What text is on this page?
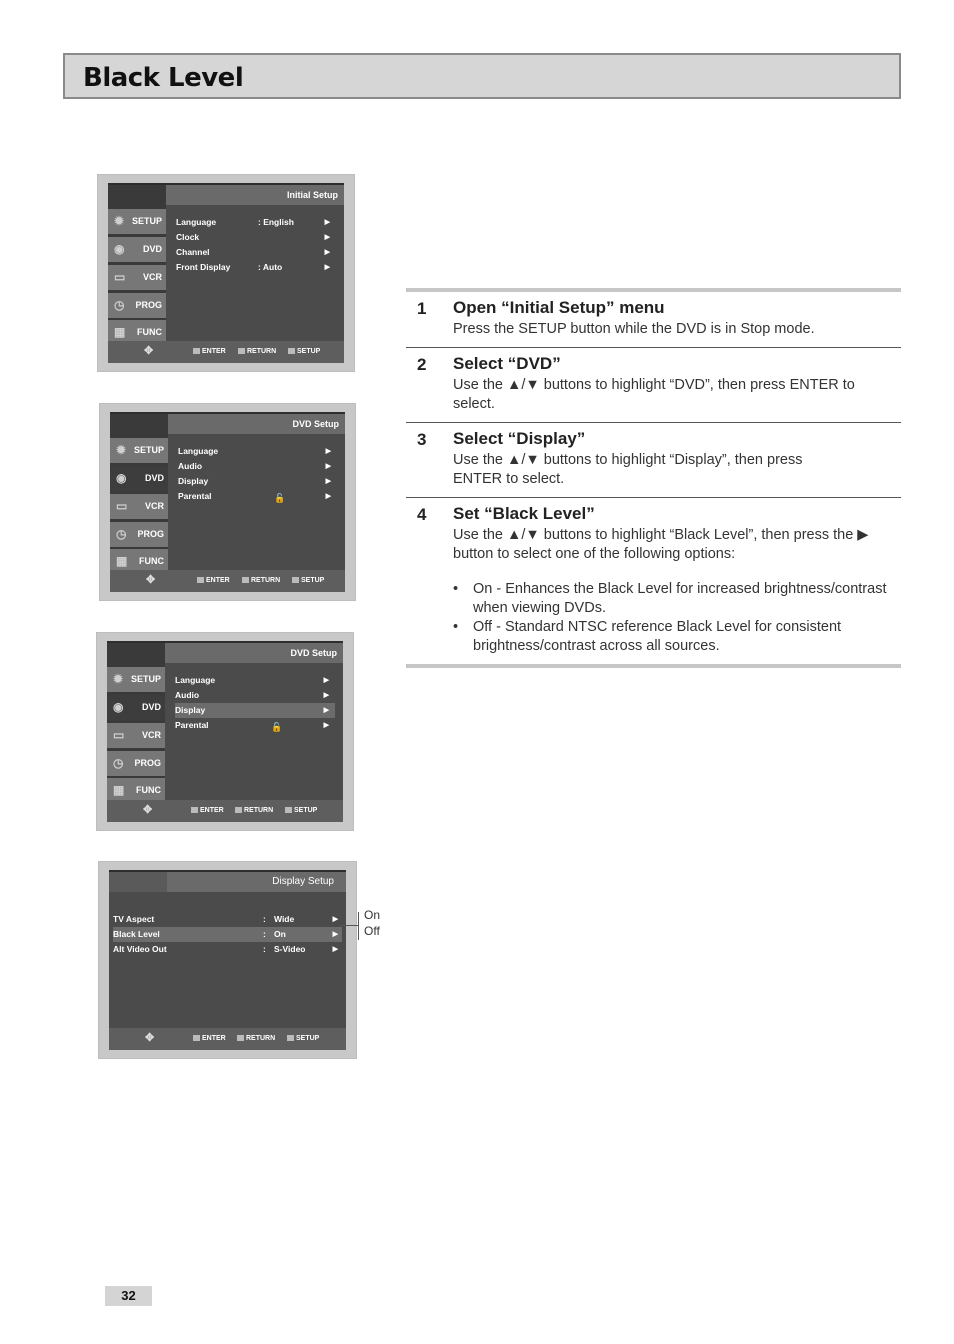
Black Level
Initial Setup
✹ SETUP
◉	DVD
▭	VCR
◷	PROG
▦	FUNC
Language	: English	▶
Clock	▶
Channel	▶
Front Display	: Auto	▶
✥	ENTER	RETURN	SETUP
DVD Setup
✹ SETUP
◉	DVD
▭	VCR
◷	PROG
▦	FUNC
Language	▶
Audio	▶
Display	▶
Parental	🔓	▶
✥	ENTER	RETURN	SETUP
DVD Setup
✹ SETUP
◉	DVD
▭	VCR
◷	PROG
▦	FUNC
Language	▶
Audio	▶
Display	▶
Parental	🔓	▶
✥	ENTER	RETURN	SETUP
Display Setup
TV Aspect	: Wide	▶
Black Level	: On	▶
Alt Video Out	: S-Video	▶
✥	ENTER	RETURN	SETUP
On
Off
1 Open “Initial Setup” menu
Press the SETUP button while the DVD is in Stop mode.
2 Select “DVD”
Use the ▲/▼ buttons to highlight “DVD”, then press ENTER to select.
3 Select “Display”
Use the ▲/▼ buttons to highlight “Display”, then press ENTER to select.
4 Set “Black Level”
Use the ▲/▼ buttons to highlight “Black Level”, then press the ▶ button to select one of the following options:
• On - Enhances the Black Level for increased brightness/contrast when viewing DVDs.
• Off - Standard NTSC reference Black Level for consistent brightness/contrast across all sources.
32
